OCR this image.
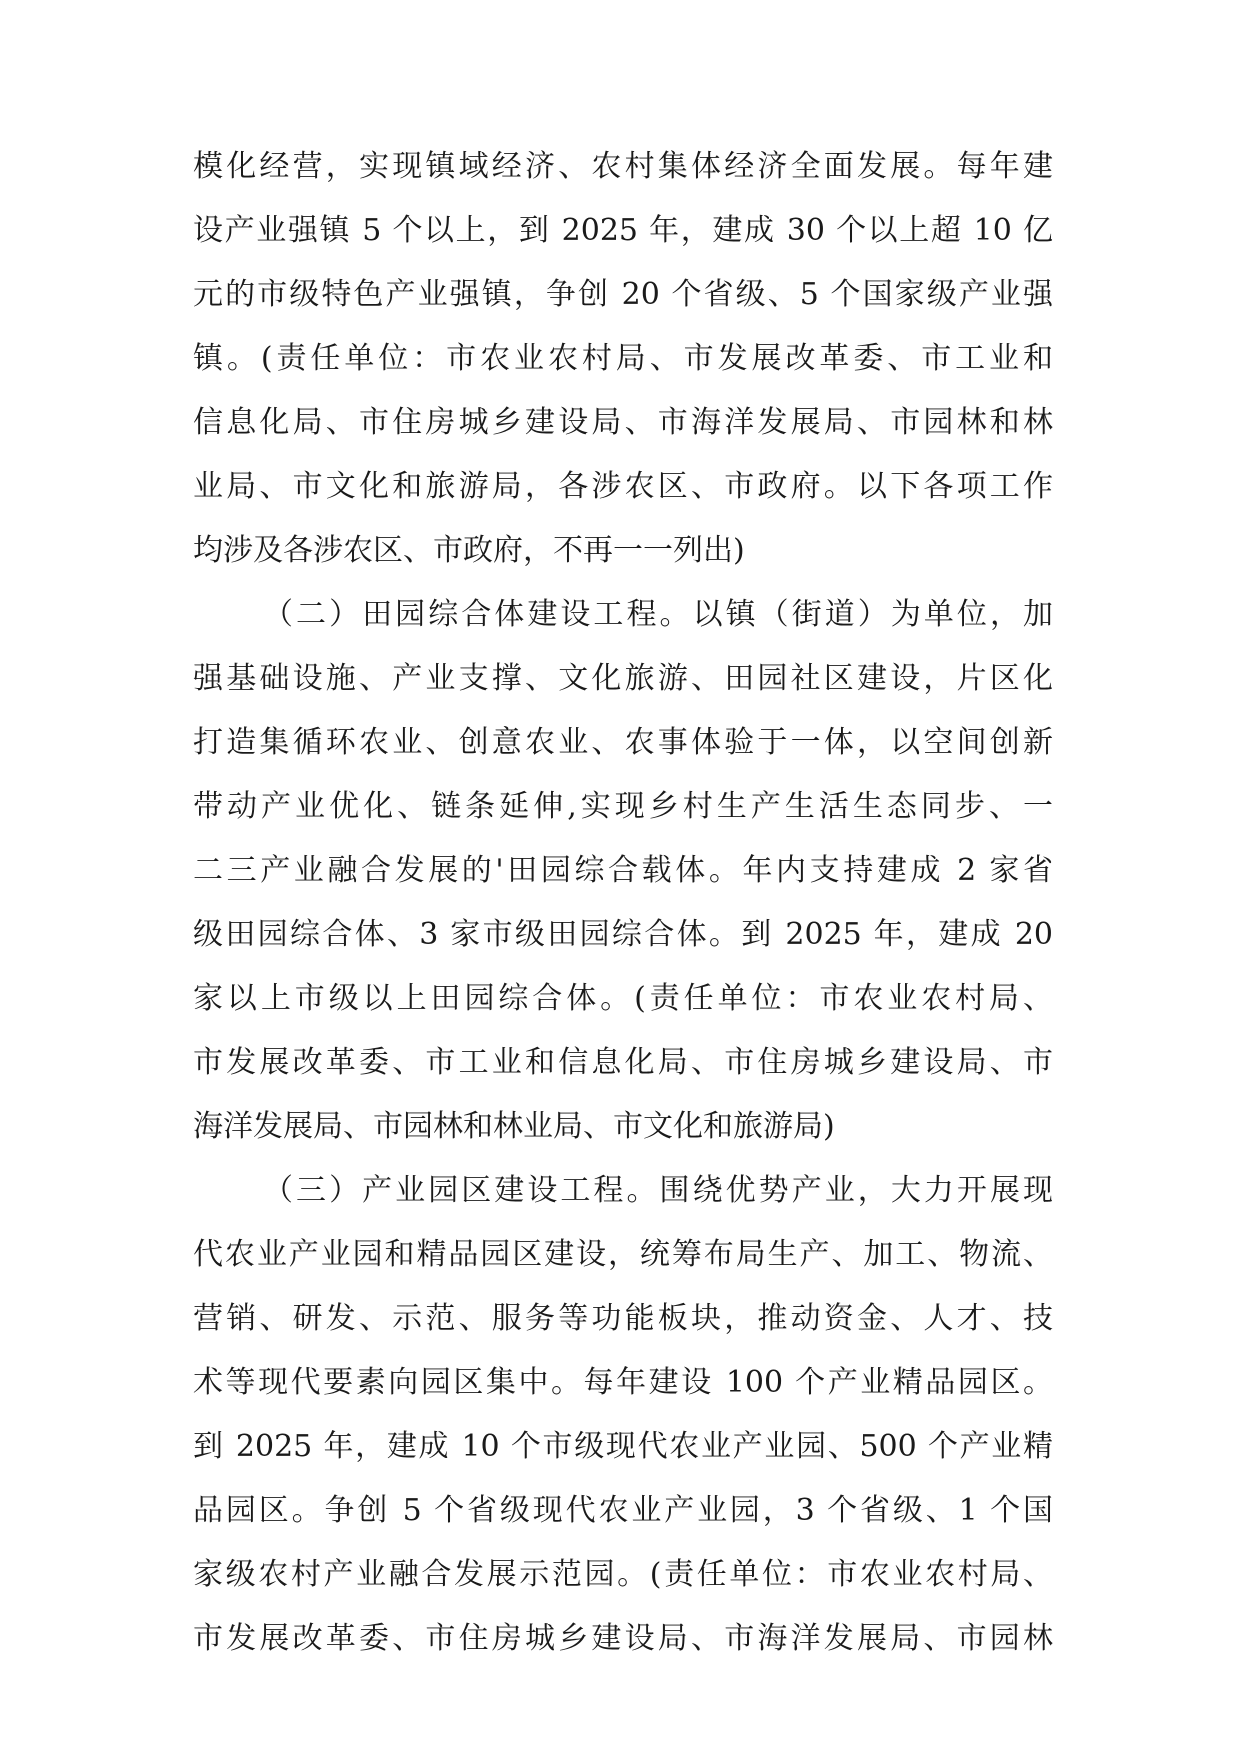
模化经营，实现镇域经济、农村集体经济全面发展。每年建
设产业强镇 5 个以上，到 2025 年，建成 30 个以上超 10 亿
元的市级特色产业强镇，争创 20 个省级、5 个国家级产业强
镇。(责任单位：市农业农村局、市发展改革委、市工业和
信息化局、市住房城乡建设局、市海洋发展局、市园林和林
业局、市文化和旅游局，各涉农区、市政府。以下各项工作
均涉及各涉农区、市政府，不再一一列出)
（二）田园综合体建设工程。以镇（街道）为单位，加
强基础设施、产业支撑、文化旅游、田园社区建设，片区化
打造集循环农业、创意农业、农事体验于一体，以空间创新
带动产业优化、链条延伸,实现乡村生产生活生态同步、一
二三产业融合发展的'田园综合载体。年内支持建成 2 家省
级田园综合体、3 家市级田园综合体。到 2025 年，建成 20
家以上市级以上田园综合体。(责任单位：市农业农村局、
市发展改革委、市工业和信息化局、市住房城乡建设局、市
海洋发展局、市园林和林业局、市文化和旅游局)
（三）产业园区建设工程。围绕优势产业，大力开展现
代农业产业园和精品园区建设，统筹布局生产、加工、物流、
营销、研发、示范、服务等功能板块，推动资金、人才、技
术等现代要素向园区集中。每年建设 100 个产业精品园区。
到 2025 年，建成 10 个市级现代农业产业园、500 个产业精
品园区。争创 5 个省级现代农业产业园，3 个省级、1 个国
家级农村产业融合发展示范园。(责任单位：市农业农村局、
市发展改革委、市住房城乡建设局、市海洋发展局、市园林
